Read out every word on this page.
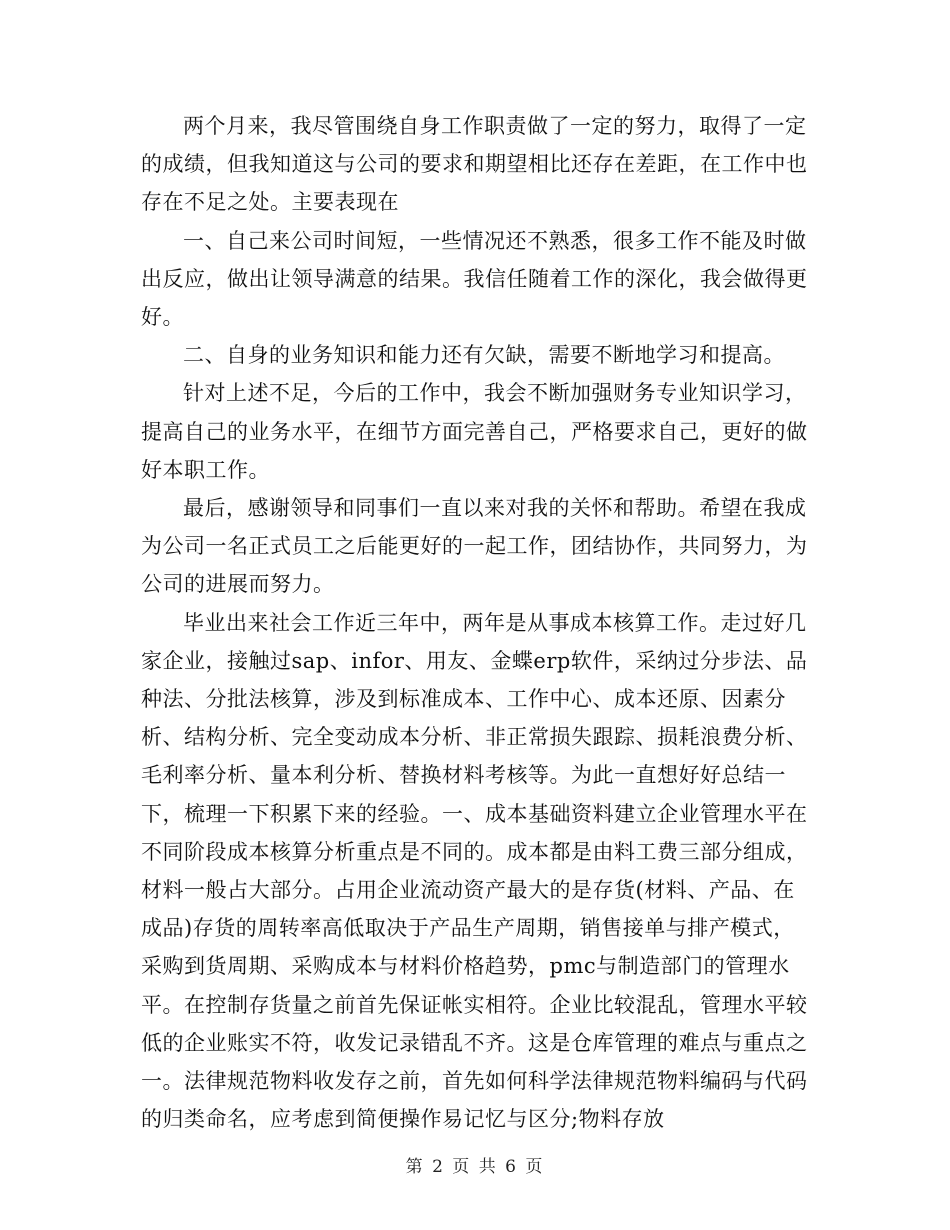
两个月来，我尽管围绕自身工作职责做了一定的努力，取得了一定的成绩，但我知道这与公司的要求和期望相比还存在差距，在工作中也存在不足之处。主要表现在

一、自己来公司时间短，一些情况还不熟悉，很多工作不能及时做出反应，做出让领导满意的结果。我信任随着工作的深化，我会做得更好。

二、自身的业务知识和能力还有欠缺，需要不断地学习和提高。

针对上述不足，今后的工作中，我会不断加强财务专业知识学习，提高自己的业务水平，在细节方面完善自己，严格要求自己，更好的做好本职工作。

最后，感谢领导和同事们一直以来对我的关怀和帮助。希望在我成为公司一名正式员工之后能更好的一起工作，团结协作，共同努力，为公司的进展而努力。

毕业出来社会工作近三年中，两年是从事成本核算工作。走过好几家企业，接触过sap、infor、用友、金蝶erp软件，采纳过分步法、品种法、分批法核算，涉及到标准成本、工作中心、成本还原、因素分析、结构分析、完全变动成本分析、非正常损失跟踪、损耗浪费分析、毛利率分析、量本利分析、替换材料考核等。为此一直想好好总结一下，梳理一下积累下来的经验。一、成本基础资料建立企业管理水平在不同阶段成本核算分析重点是不同的。成本都是由料工费三部分组成，材料一般占大部分。占用企业流动资产最大的是存货(材料、产品、在成品)存货的周转率高低取决于产品生产周期，销售接单与排产模式，采购到货周期、采购成本与材料价格趋势，pmc与制造部门的管理水平。在控制存货量之前首先保证帐实相符。企业比较混乱，管理水平较低的企业账实不符，收发记录错乱不齐。这是仓库管理的难点与重点之一。法律规范物料收发存之前，首先如何科学法律规范物料编码与代码的归类命名，应考虑到简便操作易记忆与区分;物料存放

第 2 页 共 6 页
